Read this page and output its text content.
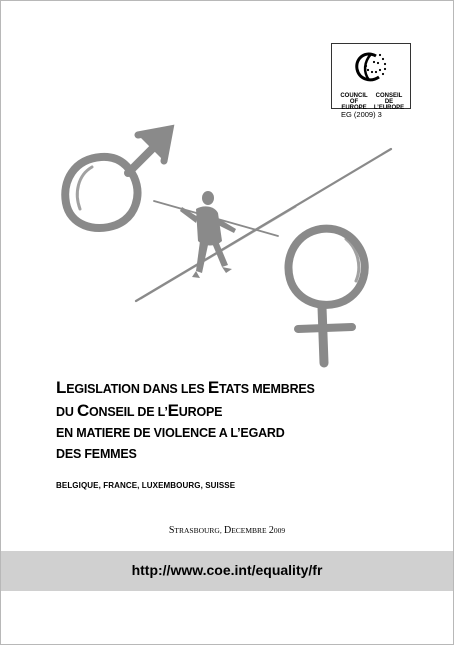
COUNCIL
OF EUROPE
CONSEIL
DE L’EUROPE
EG (2009) 3
LEGISLATION DANS LES ETATS MEMBRES
DU CONSEIL DE L’EUROPE
EN MATIERE DE VIOLENCE A L’EGARD
DES FEMMES
BELGIQUE, FRANCE, LUXEMBOURG, SUISSE
STRASBOURG, DECEMBRE 2009
http://www.coe.int/equality/fr
